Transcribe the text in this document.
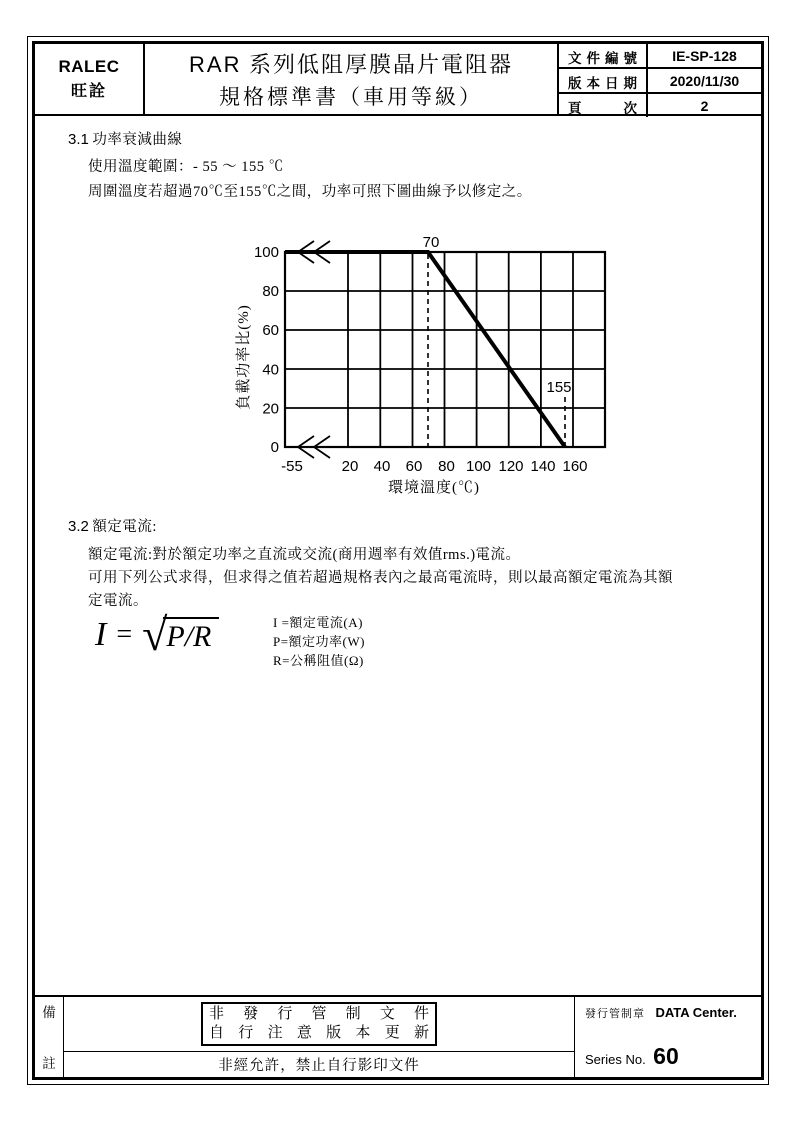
RALEC
旺詮
RAR 系列低阻厚膜晶片電阻器
規格標準書（車用等級）
文件編號	IE-SP-128
版本日期	2020/11/30
頁 次	2
3.1 功率衰減曲線
使用溫度範圍：- 55 ～ 155 ℃
周圍溫度若超過70℃至155℃之間，功率可照下圖曲線予以修定之。
70
155
100
80
60
40
20
0
-55	20 40 60 80 100 120 140 160
環境溫度(℃)
負載功率比(%)
3.2 額定電流:
額定電流:對於額定功率之直流或交流(商用週率有效值rms.)電流。
可用下列公式求得，但求得之值若超過規格表內之最高電流時，則以最高額定電流為其額
定電流。
I = √ P/R	I =額定電流(A)
P=額定功率(W)
R=公稱阻值(Ω)
備
註
非 發 行 管 制 文 件
自 行 注 意 版 本 更 新
非經允許，禁止自行影印文件
發行管制章 DATA Center.
Series No. 60
